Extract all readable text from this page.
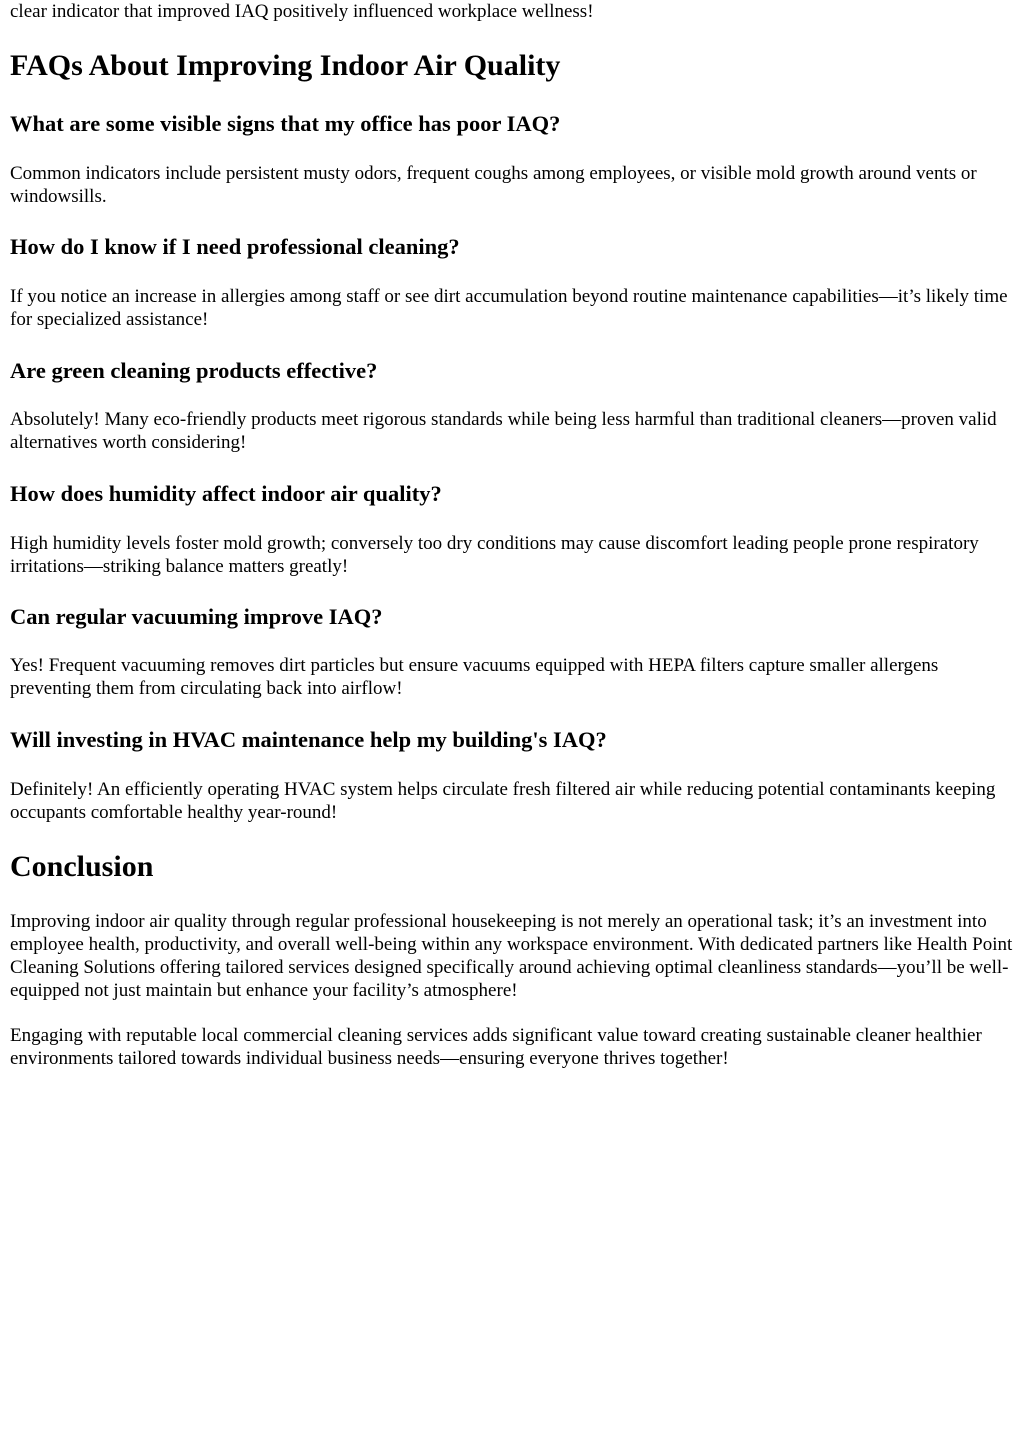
clear indicator that improved IAQ positively influenced workplace wellness!

FAQs About Improving Indoor Air Quality
What are some visible signs that my office has poor IAQ?

Common indicators include persistent musty odors, frequent coughs among employees, or visible mold growth around vents or windowsills.

How do I know if I need professional cleaning?

If you notice an increase in allergies among staff or see dirt accumulation beyond routine maintenance capabilities—it’s likely time for specialized assistance!

Are green cleaning products effective?

Absolutely! Many eco-friendly products meet rigorous standards while being less harmful than traditional cleaners—proven valid alternatives worth considering!

How does humidity affect indoor air quality?

High humidity levels foster mold growth; conversely too dry conditions may cause discomfort leading people prone respiratory irritations—striking balance matters greatly!

Can regular vacuuming improve IAQ?

Yes! Frequent vacuuming removes dirt particles but ensure vacuums equipped with HEPA filters capture smaller allergens preventing them from circulating back into airflow!

Will investing in HVAC maintenance help my building's IAQ?

Definitely! An efficiently operating HVAC system helps circulate fresh filtered air while reducing potential contaminants keeping occupants comfortable healthy year-round!

Conclusion

Improving indoor air quality through regular professional housekeeping is not merely an operational task; it’s an investment into employee health, productivity, and overall well-being within any workspace environment. With dedicated partners like Health Point Cleaning Solutions offering tailored services designed specifically around achieving optimal cleanliness standards—you’ll be well-equipped not just maintain but enhance your facility’s atmosphere!

Engaging with reputable local commercial cleaning services adds significant value toward creating sustainable cleaner healthier environments tailored towards individual business needs—ensuring everyone thrives together!
